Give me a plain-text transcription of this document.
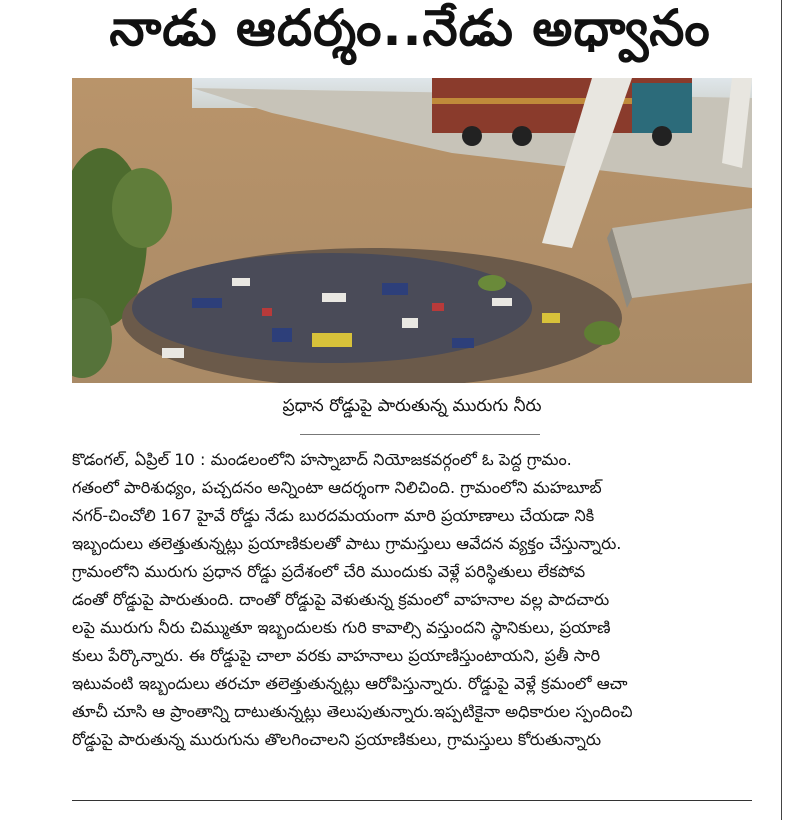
నాడు ఆదర్శం..నేడు అధ్వానం
ప్రధాన రోడ్డుపై పారుతున్న మురుగు నీరు
కొడంగల్, ఏప్రిల్ 10 : మండలంలోని హస్నాబాద్ నియోజకవర్గంలో ఓ పెద్ద గ్రామం.
గతంలో పారిశుధ్యం, పచ్చదనం అన్నింటా ఆదర్శంగా నిలిచింది. గ్రామంలోని మహబూబ్
నగర్-చించోలి 167 హైవే రోడ్డు నేడు బురదమయంగా మారి ప్రయాణాలు చేయడా నికి
ఇబ్బందులు తలెత్తుతున్నట్లు ప్రయాణికులతో పాటు గ్రామస్తులు ఆవేదన వ్యక్తం చేస్తున్నారు.
గ్రామంలోని మురుగు ప్రధాన రోడ్డు ప్రదేశంలో చేరి ముందుకు వెళ్లే పరిస్థితులు లేకపోవ
డంతో రోడ్డుపై పారుతుంది. దాంతో రోడ్డుపై వెళుతున్న క్రమంలో వాహనాల వల్ల పాదచారు
లపై మురుగు నీరు చిమ్ముతూ ఇబ్బందులకు గురి కావాల్సి వస్తుందని స్థానికులు, ప్రయాణి
కులు పేర్కొన్నారు. ఈ రోడ్డుపై చాలా వరకు వాహనాలు ప్రయాణిస్తుంటాయని, ప్రతీ సారి
ఇటువంటి ఇబ్బందులు తరచూ తలెత్తుతున్నట్లు ఆరోపిస్తున్నారు. రోడ్డుపై వెళ్లే క్రమంలో ఆచా
తూచీ చూసి ఆ ప్రాంతాన్ని దాటుతున్నట్లు తెలుపుతున్నారు.ఇప్పటికైనా అధికారుల స్పందించి
రోడ్డుపై పారుతున్న మురుగును తొలగించాలని ప్రయాణికులు, గ్రామస్తులు కోరుతున్నారు
